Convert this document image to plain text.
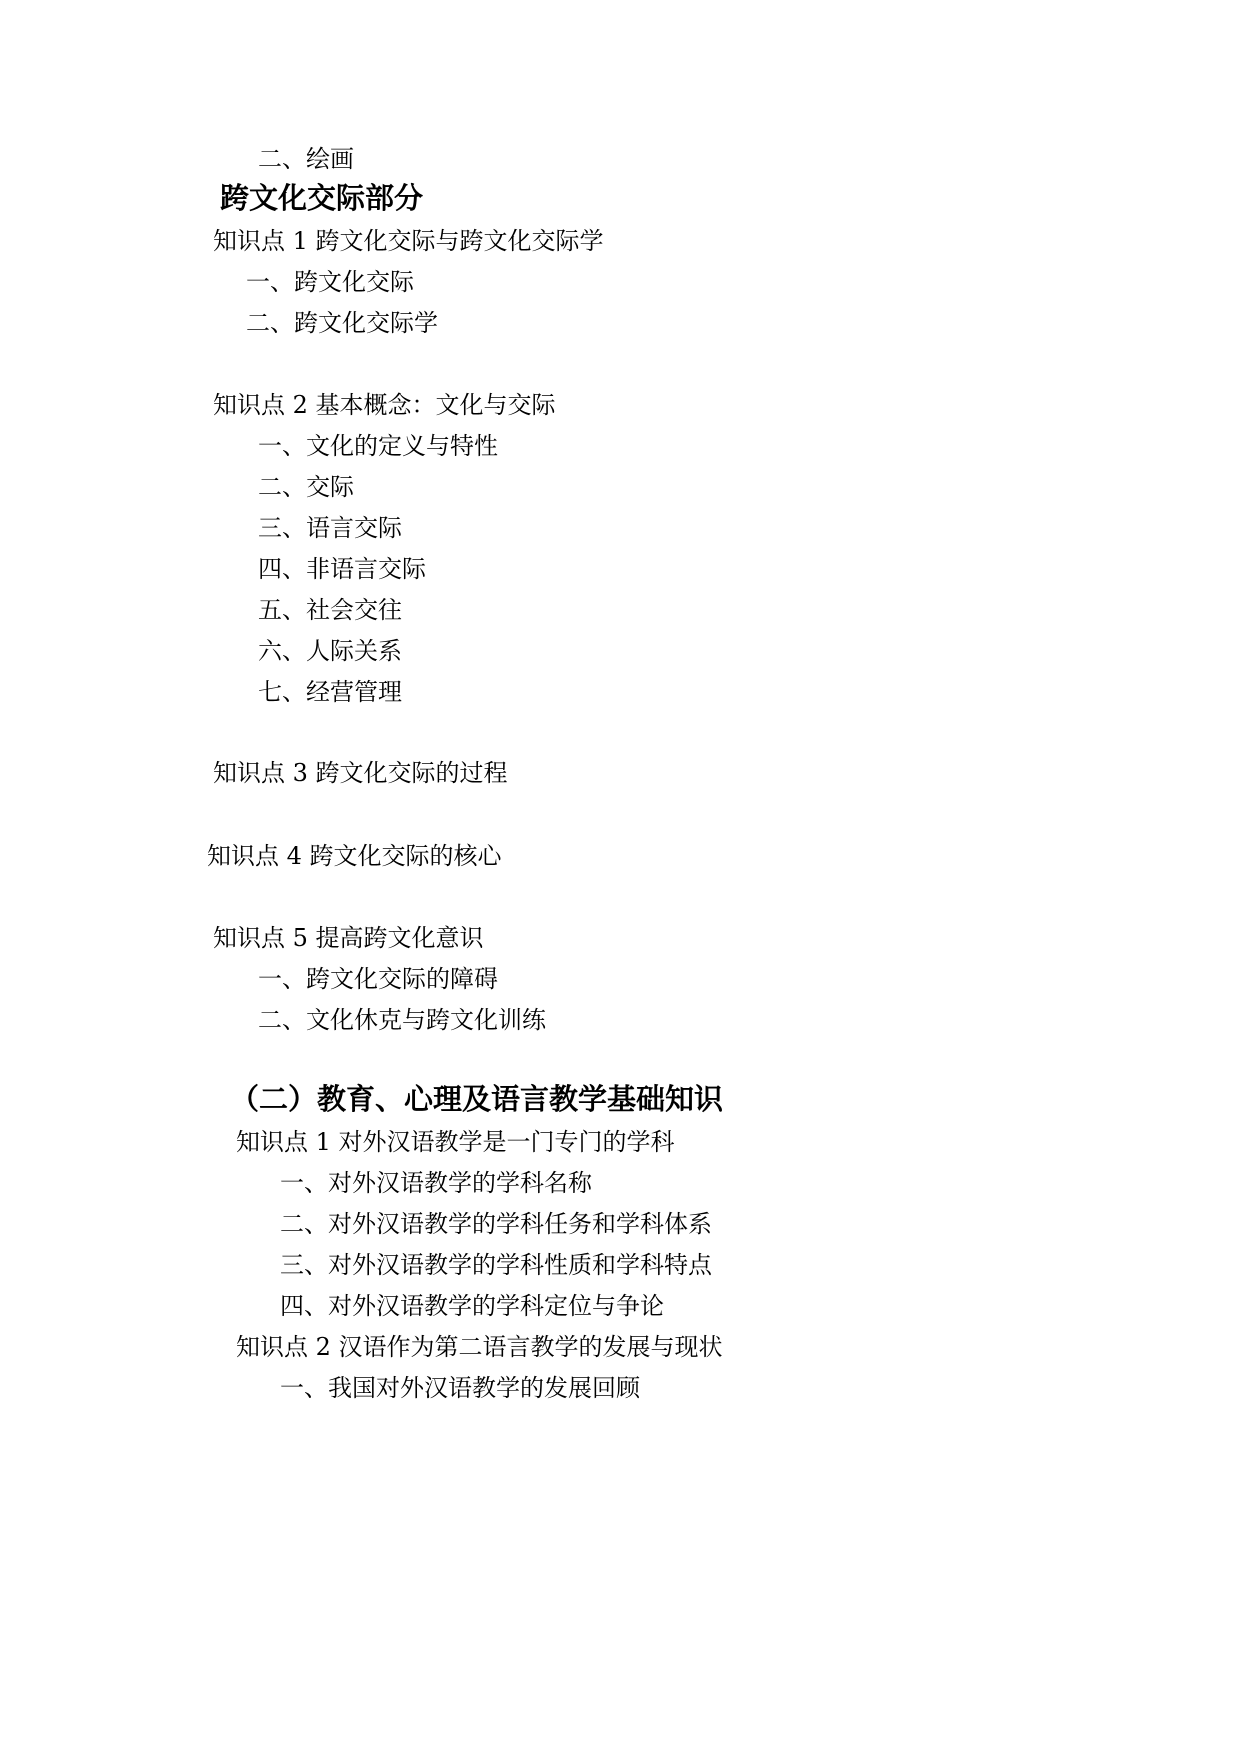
二、绘画
跨文化交际部分
知识点 1 跨文化交际与跨文化交际学
一、跨文化交际
二、跨文化交际学
知识点 2 基本概念：文化与交际
一、文化的定义与特性
二、交际
三、语言交际
四、非语言交际
五、社会交往
六、人际关系
七、经营管理
知识点 3 跨文化交际的过程
知识点 4 跨文化交际的核心
知识点 5 提高跨文化意识
一、跨文化交际的障碍
二、文化休克与跨文化训练
（二）教育、心理及语言教学基础知识
知识点 1 对外汉语教学是一门专门的学科
一、对外汉语教学的学科名称
二、对外汉语教学的学科任务和学科体系
三、对外汉语教学的学科性质和学科特点
四、对外汉语教学的学科定位与争论
知识点 2 汉语作为第二语言教学的发展与现状
一、我国对外汉语教学的发展回顾
